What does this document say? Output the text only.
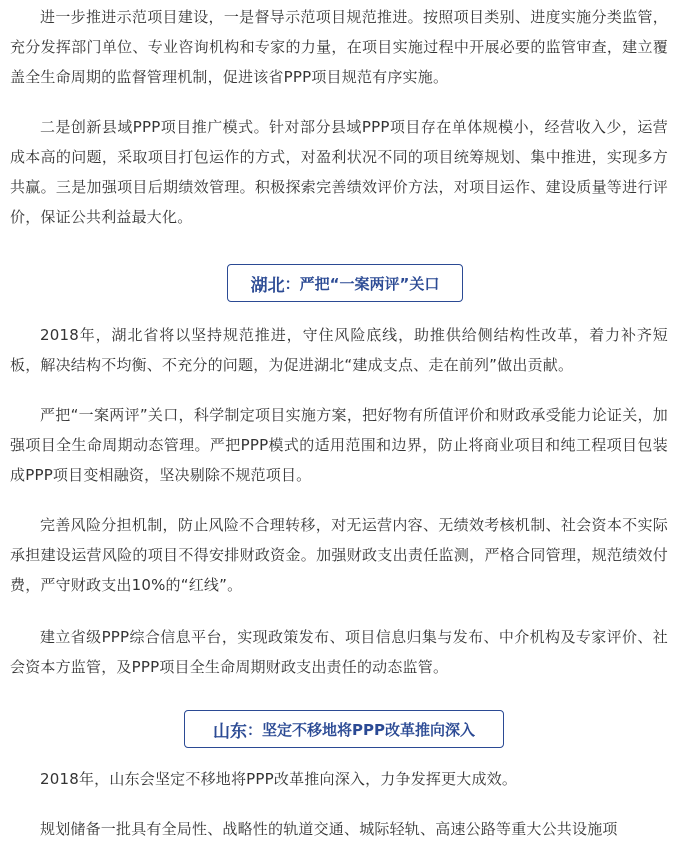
进一步推进示范项目建设，一是督导示范项目规范推进。按照项目类别、进度实施分类监管，充分发挥部门单位、专业咨询机构和专家的力量，在项目实施过程中开展必要的监管审查，建立覆盖全生命周期的监督管理机制，促进该省PPP项目规范有序实施。

二是创新县域PPP项目推广模式。针对部分县域PPP项目存在单体规模小，经营收入少，运营成本高的问题，采取项目打包运作的方式，对盈利状况不同的项目统筹规划、集中推进，实现多方共赢。三是加强项目后期绩效管理。积极探索完善绩效评价方法，对项目运作、建设质量等进行评价，保证公共利益最大化。

湖北 ： 严把“一案两评”关口

2018年，湖北省将以坚持规范推进，守住风险底线，助推供给侧结构性改革，着力补齐短板，解决结构不均衡、不充分的问题，为促进湖北“建成支点、走在前列”做出贡献。

严把“一案两评”关口，科学制定项目实施方案，把好物有所值评价和财政承受能力论证关，加强项目全生命周期动态管理。严把PPP模式的适用范围和边界，防止将商业项目和纯工程项目包装成PPP项目变相融资，坚决剔除不规范项目。

完善风险分担机制，防止风险不合理转移，对无运营内容、无绩效考核机制、社会资本不实际承担建设运营风险的项目不得安排财政资金。加强财政支出责任监测，严格合同管理，规范绩效付费，严守财政支出10%的“红线”。

建立省级PPP综合信息平台，实现政策发布、项目信息归集与发布、中介机构及专家评价、社会资本方监管，及PPP项目全生命周期财政支出责任的动态监管。

山东 ： 坚定不移地将PPP改革推向深入

2018年，山东会坚定不移地将PPP改革推向深入，力争发挥更大成效。

规划储备一批具有全局性、战略性的轨道交通、城际轻轨、高速公路等重大公共设施项
